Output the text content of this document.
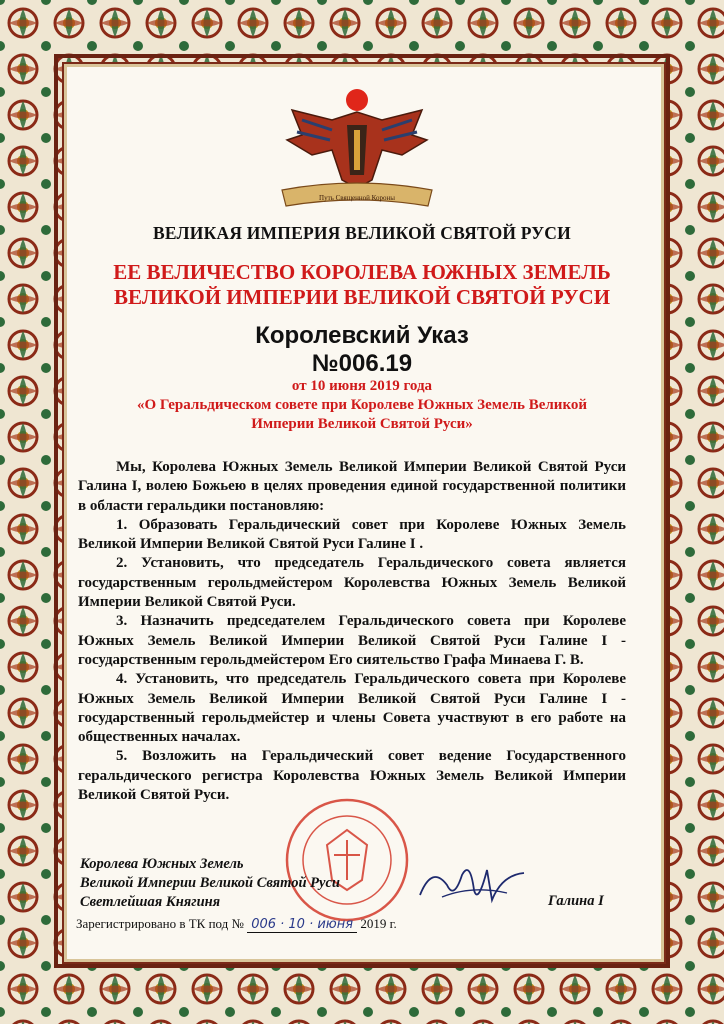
Путь Священной Короны
ВЕЛИКАЯ ИМПЕРИЯ ВЕЛИКОЙ СВЯТОЙ РУСИ
ЕЕ ВЕЛИЧЕСТВО КОРОЛЕВА ЮЖНЫХ ЗЕМЕЛЬ
ВЕЛИКОЙ ИМПЕРИИ ВЕЛИКОЙ СВЯТОЙ РУСИ
Королевский Указ
№006.19
от 10 июня 2019 года
«О Геральдическом совете при Королеве Южных Земель Великой
Империи Великой Святой Руси»

Мы, Королева Южных Земель Великой Империи Великой Святой Руси Галина I, волею Божьею в целях проведения единой государственной политики в области геральдики постановляю:

1. Образовать Геральдический совет при Королеве Южных Земель Великой Империи Великой Святой Руси Галине I .

2. Установить, что председатель Геральдического совета является государственным герольдмейстером Королевства Южных Земель Великой Империи Великой Святой Руси.

3. Назначить председателем Геральдического совета при Королеве Южных Земель Великой Империи Великой Святой Руси Галине I - государственным герольдмейстером Его сиятельство Графа Минаева Г. В.

4. Установить, что председатель Геральдического совета при Королеве Южных Земель Великой Империи Великой Святой Руси Галине I - государственный герольдмейстер и члены Совета участвуют в его работе на общественных началах.

5. Возложить на Геральдический совет ведение Государственного геральдического регистра Королевства Южных Земель Великой Империи Великой Святой Руси.

Королева Южных Земель
Великой Империи Великой Святой Руси
Светлейшая Княгиня	Галина I
Зарегистрировано в ТК под № 006 · 10 · июня 2019 г.
